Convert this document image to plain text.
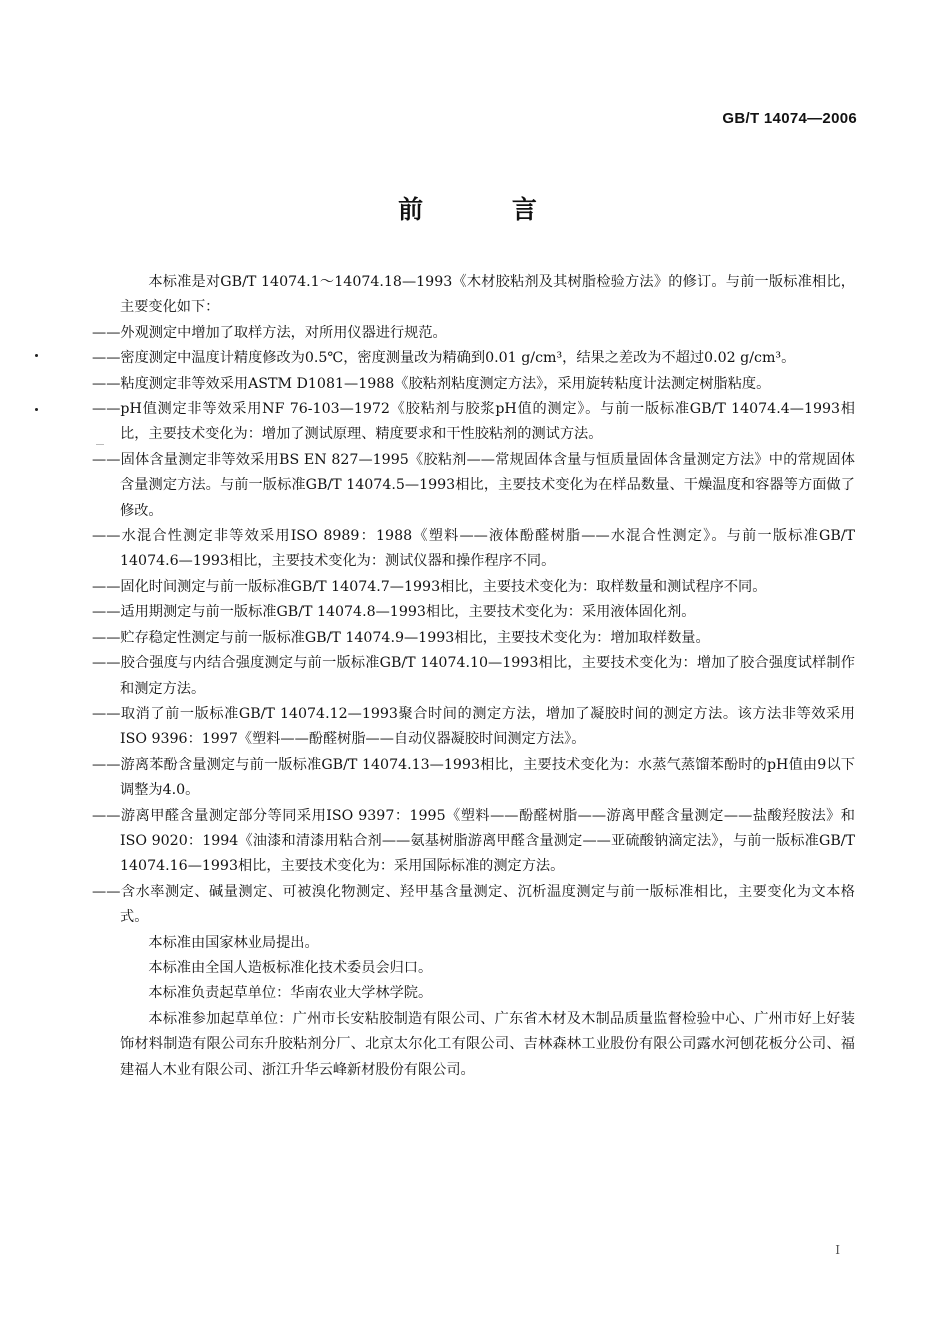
GB/T 14074—2006
前 言

本标准是对GB/T 14074.1～14074.18—1993《木材胶粘剂及其树脂检验方法》的修订。与前一版标准相比，主要变化如下：

——外观测定中增加了取样方法，对所用仪器进行规范。

——密度测定中温度计精度修改为0.5℃，密度测量改为精确到0.01 g/cm³，结果之差改为不超过0.02 g/cm³。

——粘度测定非等效采用ASTM D1081—1988《胶粘剂粘度测定方法》，采用旋转粘度计法测定树脂粘度。

——pH值测定非等效采用NF 76-103—1972《胶粘剂与胶浆pH值的测定》。与前一版标准GB/T 14074.4—1993相比，主要技术变化为：增加了测试原理、精度要求和干性胶粘剂的测试方法。

——固体含量测定非等效采用BS EN 827—1995《胶粘剂——常规固体含量与恒质量固体含量测定方法》中的常规固体含量测定方法。与前一版标准GB/T 14074.5—1993相比，主要技术变化为在样品数量、干燥温度和容器等方面做了修改。

——水混合性测定非等效采用ISO 8989：1988《塑料——液体酚醛树脂——水混合性测定》。与前一版标准GB/T 14074.6—1993相比，主要技术变化为：测试仪器和操作程序不同。

——固化时间测定与前一版标准GB/T 14074.7—1993相比，主要技术变化为：取样数量和测试程序不同。

——适用期测定与前一版标准GB/T 14074.8—1993相比，主要技术变化为：采用液体固化剂。

——贮存稳定性测定与前一版标准GB/T 14074.9—1993相比，主要技术变化为：增加取样数量。

——胶合强度与内结合强度测定与前一版标准GB/T 14074.10—1993相比，主要技术变化为：增加了胶合强度试样制作和测定方法。

——取消了前一版标准GB/T 14074.12—1993聚合时间的测定方法，增加了凝胶时间的测定方法。该方法非等效采用ISO 9396：1997《塑料——酚醛树脂——自动仪器凝胶时间测定方法》。

——游离苯酚含量测定与前一版标准GB/T 14074.13—1993相比，主要技术变化为：水蒸气蒸馏苯酚时的pH值由9以下调整为4.0。

——游离甲醛含量测定部分等同采用ISO 9397：1995《塑料——酚醛树脂——游离甲醛含量测定——盐酸羟胺法》和ISO 9020：1994《油漆和清漆用粘合剂——氨基树脂游离甲醛含量测定——亚硫酸钠滴定法》，与前一版标准GB/T 14074.16—1993相比，主要技术变化为：采用国际标准的测定方法。

——含水率测定、碱量测定、可被溴化物测定、羟甲基含量测定、沉析温度测定与前一版标准相比，主要变化为文本格式。

本标准由国家林业局提出。

本标准由全国人造板标准化技术委员会归口。

本标准负责起草单位：华南农业大学林学院。

本标准参加起草单位：广州市长安粘胶制造有限公司、广东省木材及木制品质量监督检验中心、广州市好上好装饰材料制造有限公司东升胶粘剂分厂、北京太尔化工有限公司、吉林森林工业股份有限公司露水河刨花板分公司、福建福人木业有限公司、浙江升华云峰新材股份有限公司。

I
